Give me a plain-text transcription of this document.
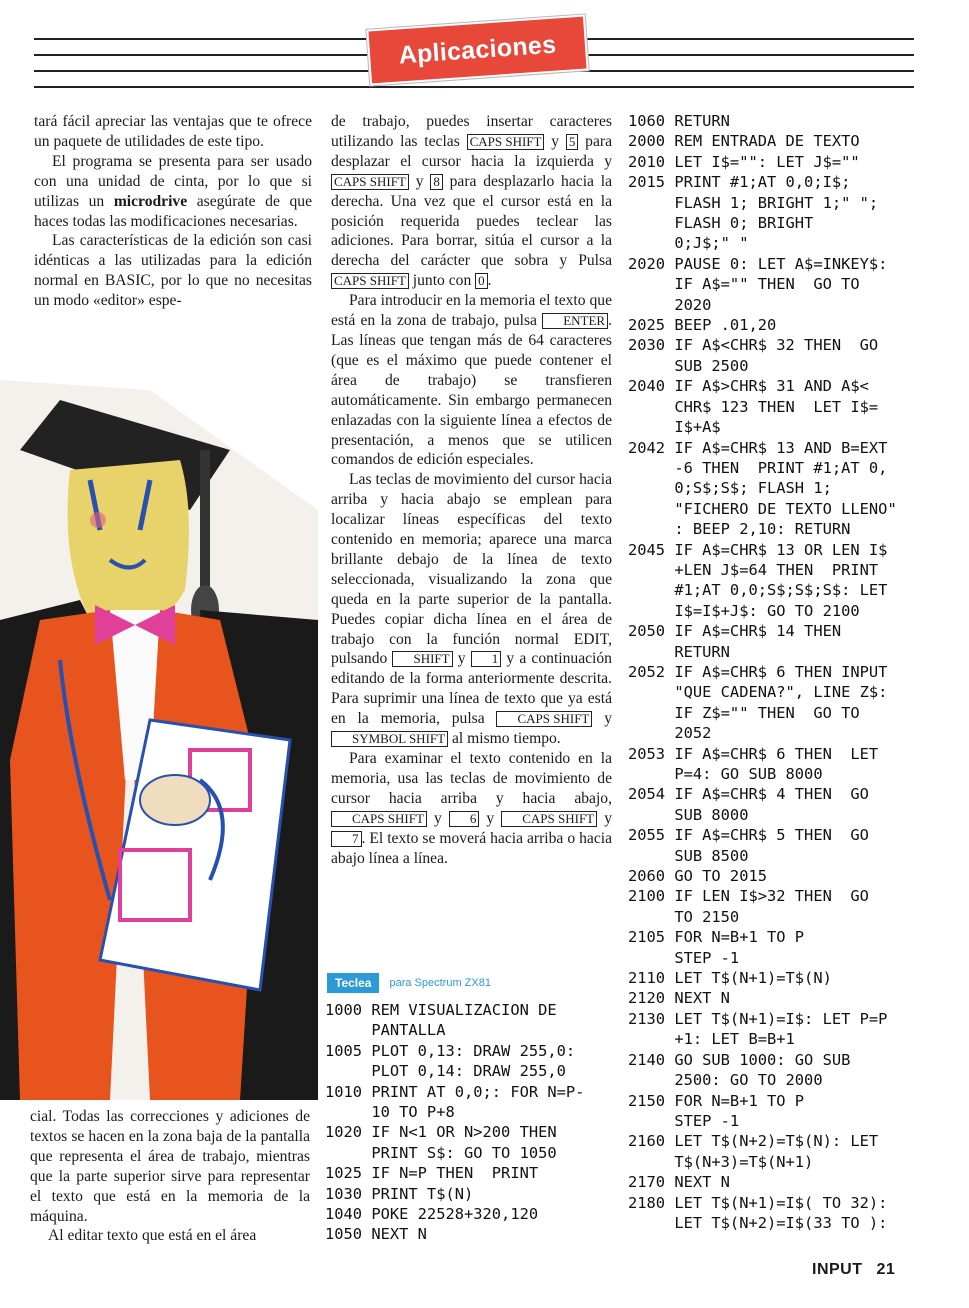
Aplicaciones

tará fácil apreciar las ventajas que te ofrece un paquete de utilidades de este tipo.

El programa se presenta para ser usado con una unidad de cinta, por lo que si utilizas un microdrive asegúrate de que haces todas las modificaciones necesarias.

Las características de la edición son casi idénticas a las utilizadas para la edición normal en BASIC, por lo que no necesitas un modo «editor» espe-

cial. Todas las correcciones y adiciones de textos se hacen en la zona baja de la pantalla que representa el área de trabajo, mientras que la parte superior sirve para representar el texto que está en la memoria de la máquina.

Al editar texto que está en el área

de trabajo, puedes insertar caracteres utilizando las teclas CAPS SHIFT y 5 para desplazar el cursor hacia la izquierda y CAPS SHIFT y 8 para desplazarlo hacia la derecha. Una vez que el cursor está en la posición requerida puedes teclear las adiciones. Para borrar, sitúa el cursor a la derecha del carácter que sobra y Pulsa CAPS SHIFT junto con 0 .

Para introducir en la memoria el texto que está en la zona de trabajo, pulsa ENTER . Las líneas que tengan más de 64 caracteres (que es el máximo que puede contener el área de trabajo) se transfieren automáticamente. Sin embargo permanecen enlazadas con la siguiente línea a efectos de presentación, a menos que se utilicen comandos de edición especiales.

Las teclas de movimiento del cursor hacia arriba y hacia abajo se emplean para localizar líneas específicas del texto contenido en memoria; aparece una marca brillante debajo de la línea de texto seleccionada, visualizando la zona que queda en la parte superior de la pantalla. Puedes copiar dicha línea en el área de trabajo con la función normal EDIT, pulsando SHIFT y 1 y a continuación editando de la forma anteriormente descrita. Para suprimir una línea de texto que ya está en la memoria, pulsa CAPS SHIFT y SYMBOL SHIFT al mismo tiempo.

Para examinar el texto contenido en la memoria, usa las teclas de movimiento de cursor hacia arriba y hacia abajo, CAPS SHIFT y 6 y CAPS SHIFT y 7 . El texto se moverá hacia arriba o hacia abajo línea a línea.

Teclea	para Spectrum ZX81
1000 REM VISUALIZACION DE
PANTALLA
1005 PLOT 0,13: DRAW 255,0:
PLOT 0,14: DRAW 255,0
1010 PRINT AT 0,0;: FOR N=P-
10 TO P+8
1020 IF N<1 OR N>200 THEN
PRINT S$: GO TO 1050
1025 IF N=P THEN  PRINT
1030 PRINT T$(N)
1040 POKE 22528+320,120
1050 NEXT N
1060 RETURN
2000 REM ENTRADA DE TEXTO
2010 LET I$="": LET J$=""
2015 PRINT #1;AT 0,0;I$;
FLASH 1; BRIGHT 1;" ";
FLASH 0; BRIGHT
0;J$;" "
2020 PAUSE 0: LET A$=INKEY$:
IF A$="" THEN  GO TO
2020
2025 BEEP .01,20
2030 IF A$<CHR$ 32 THEN  GO
SUB 2500
2040 IF A$>CHR$ 31 AND A$<
CHR$ 123 THEN  LET I$=
I$+A$
2042 IF A$=CHR$ 13 AND B=EXT
-6 THEN  PRINT #1;AT 0,
0;S$;S$; FLASH 1;
"FICHERO DE TEXTO LLENO"
: BEEP 2,10: RETURN
2045 IF A$=CHR$ 13 OR LEN I$
+LEN J$=64 THEN  PRINT
#1;AT 0,0;S$;S$;S$: LET
I$=I$+J$: GO TO 2100
2050 IF A$=CHR$ 14 THEN
RETURN
2052 IF A$=CHR$ 6 THEN INPUT
"QUE CADENA?", LINE Z$:
IF Z$="" THEN  GO TO
2052
2053 IF A$=CHR$ 6 THEN  LET
P=4: GO SUB 8000
2054 IF A$=CHR$ 4 THEN  GO
SUB 8000
2055 IF A$=CHR$ 5 THEN  GO
SUB 8500
2060 GO TO 2015
2100 IF LEN I$>32 THEN  GO
TO 2150
2105 FOR N=B+1 TO P
STEP -1
2110 LET T$(N+1)=T$(N)
2120 NEXT N
2130 LET T$(N+1)=I$: LET P=P
+1: LET B=B+1
2140 GO SUB 1000: GO SUB
2500: GO TO 2000
2150 FOR N=B+1 TO P
STEP -1
2160 LET T$(N+2)=T$(N): LET
T$(N+3)=T$(N+1)
2170 NEXT N
2180 LET T$(N+1)=I$( TO 32):
LET T$(N+2)=I$(33 TO ):
INPUT 21
